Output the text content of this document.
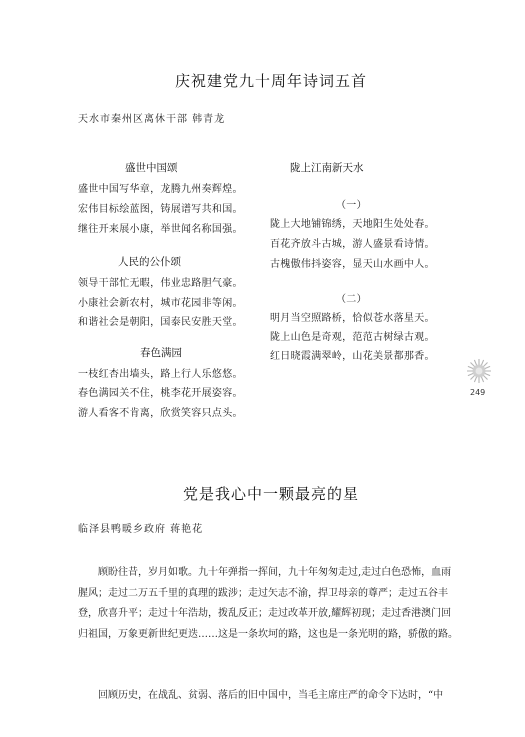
庆祝建党九十周年诗词五首
天水市秦州区离休干部 韩青龙
盛世中国颂
盛世中国写华章，龙腾九州奏辉煌。
宏伟目标绘蓝图，铸展谱写共和国。
继往开来展小康，举世闻名称国强。
人民的公仆颂
领导干部忙无暇，伟业忠路胆气豪。
小康社会新农村，城市花园非等闲。
和谐社会是朝阳，国泰民安胜天堂。
春色满园
一枝红杏出墙头，路上行人乐悠悠。
春色满园关不住，桃李花开展姿容。
游人看客不肯离，欣赏笑容只点头。
陇上江南新天水
（一）
陇上大地铺锦绣，天地阳生处处春。
百花齐放斗古城，游人盛景看诗情。
古槐傲伟抖姿容，显天山水画中人。
（二）
明月当空照路桥，恰似苍水落星天。
陇上山色是奇观，范范古树绿古观。
红日晓霞满翠岭，山花美景都那香。
249
党是我心中一颗最亮的星
临泽县鸭暖乡政府 蒋艳花
顾盼往昔，岁月如歌。九十年弹指一挥间，九十年匆匆走过,走过白色恐怖，血雨腥风；走过二万五千里的真理的跋涉；走过矢志不渝，捍卫母亲的尊严；走过五谷丰登，欣喜升平；走过十年浩劫，拨乱反正；走过改革开放,耀辉初现；走过香港澳门回归祖国，万象更新世纪更迭……这是一条坎坷的路，这也是一条光明的路，骄傲的路。
回顾历史，在战乱、贫弱、落后的旧中国中，当毛主席庄严的命令下达时，“中
